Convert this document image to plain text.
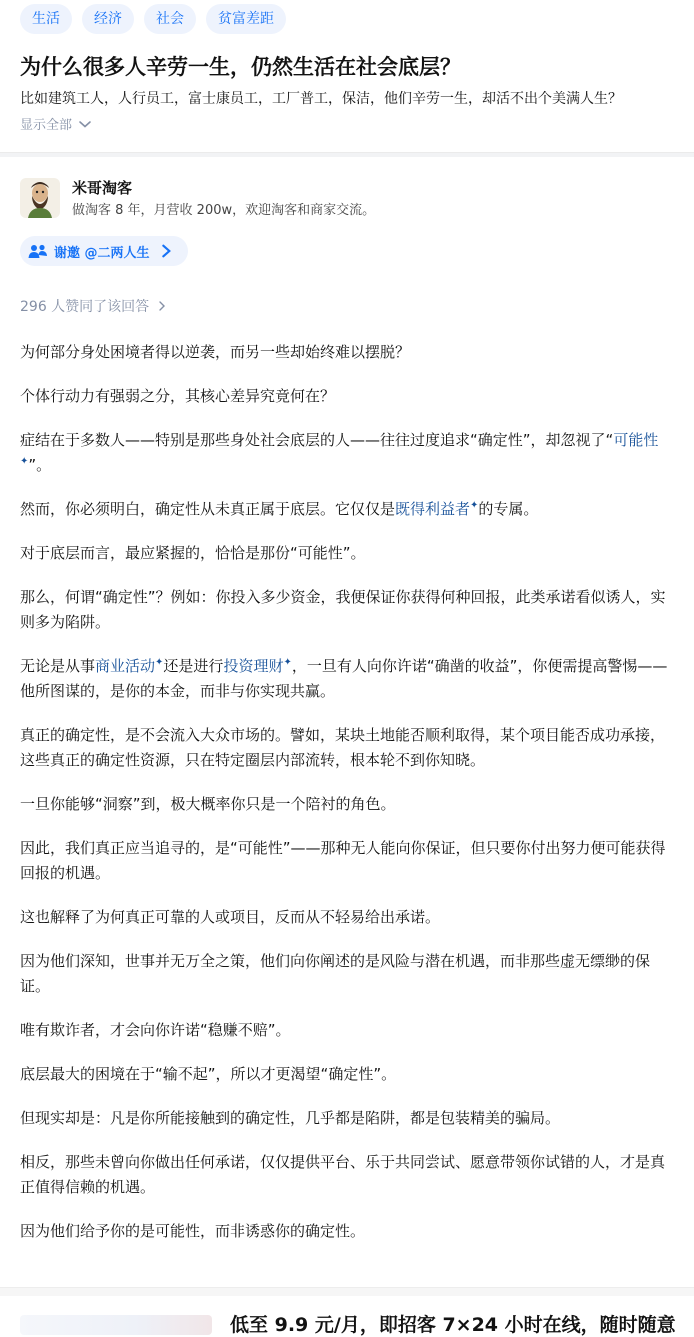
生活	经济	社会	贫富差距
为什么很多人辛劳一生，仍然生活在社会底层？
比如建筑工人，人行员工，富士康员工，工厂普工，保洁，他们辛劳一生，却活不出个美满人生？
显示全部
米哥淘客
做淘客 8 年，月营收 200w，欢迎淘客和商家交流。
谢邀 @二两人生
296 人赞同了该回答

为何部分身处困境者得以逆袭，而另一些却始终难以摆脱？

个体行动力有强弱之分，其核心差异究竟何在？

症结在于多数人——特别是那些身处社会底层的人——往往过度追求“确定性”，却忽视了“可能性✦”。

然而，你必须明白，确定性从未真正属于底层。它仅仅是既得利益者✦的专属。

对于底层而言，最应紧握的，恰恰是那份“可能性”。

那么，何谓“确定性”？例如：你投入多少资金，我便保证你获得何种回报，此类承诺看似诱人，实则多为陷阱。

无论是从事商业活动✦还是进行投资理财✦，一旦有人向你许诺“确凿的收益”，你便需提高警惕——他所图谋的，是你的本金，而非与你实现共赢。

真正的确定性，是不会流入大众市场的。譬如，某块土地能否顺利取得，某个项目能否成功承接，这些真正的确定性资源，只在特定圈层内部流转，根本轮不到你知晓。

一旦你能够“洞察”到，极大概率你只是一个陪衬的角色。

因此，我们真正应当追寻的，是“可能性”——那种无人能向你保证，但只要你付出努力便可能获得回报的机遇。

这也解释了为何真正可靠的人或项目，反而从不轻易给出承诺。

因为他们深知，世事并无万全之策，他们向你阐述的是风险与潜在机遇，而非那些虚无缥缈的保证。

唯有欺诈者，才会向你许诺“稳赚不赔”。

底层最大的困境在于“输不起”，所以才更渴望“确定性”。

但现实却是：凡是你所能接触到的确定性，几乎都是陷阱，都是包装精美的骗局。

相反，那些未曾向你做出任何承诺，仅仅提供平台、乐于共同尝试、愿意带领你试错的人，才是真正值得信赖的机遇。

因为他们给予你的是可能性，而非诱惑你的确定性。

低至 9.9 元/月，即招客 7×24 小时在线，随时随意
